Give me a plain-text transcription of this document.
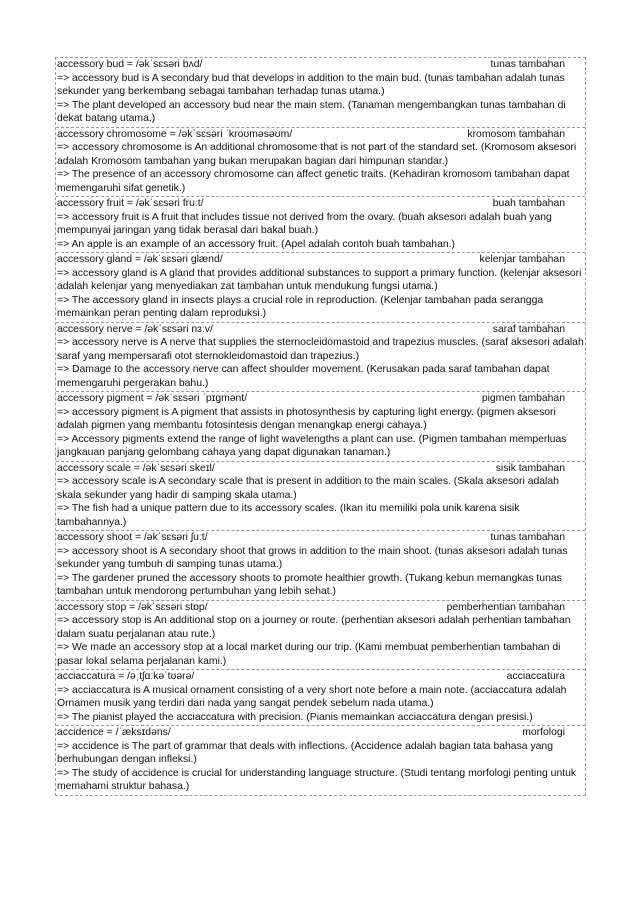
accessory bud = /əkˈsɛsəri bʌd/	tunas tambahan
=> accessory bud is A secondary bud that develops in addition to the main bud. (tunas tambahan adalah tunas sekunder yang berkembang sebagai tambahan terhadap tunas utama.)
=> The plant developed an accessory bud near the main stem. (Tanaman mengembangkan tunas tambahan di dekat batang utama.)
accessory chromosome = /əkˈsɛsəri ˈkroʊməsəʊm/	kromosom tambahan
=> accessory chromosome is An additional chromosome that is not part of the standard set. (Kromosom aksesori adalah Kromosom tambahan yang bukan merupakan bagian dari himpunan standar.)
=> The presence of an accessory chromosome can affect genetic traits. (Kehadiran kromosom tambahan dapat memengaruhi sifat genetik.)
accessory fruit = /əkˈsɛsəri fruːt/	buah tambahan
=> accessory fruit is A fruit that includes tissue not derived from the ovary. (buah aksesori adalah buah yang mempunyai jaringan yang tidak berasal dari bakal buah.)
=> An apple is an example of an accessory fruit. (Apel adalah contoh buah tambahan.)
accessory gland = /əkˈsɛsəri glænd/	kelenjar tambahan
=> accessory gland is A gland that provides additional substances to support a primary function. (kelenjar aksesori adalah kelenjar yang menyediakan zat tambahan untuk mendukung fungsi utama.)
=> The accessory gland in insects plays a crucial role in reproduction. (Kelenjar tambahan pada serangga memainkan peran penting dalam reproduksi.)
accessory nerve = /əkˈsɛsəri nɜːv/	saraf tambahan
=> accessory nerve is A nerve that supplies the sternocleidomastoid and trapezius muscles. (saraf aksesori adalah saraf yang mempersarafi otot sternokleidomastoid dan trapezius.)
=> Damage to the accessory nerve can affect shoulder movement. (Kerusakan pada saraf tambahan dapat memengaruhi pergerakan bahu.)
accessory pigment = /əkˈsɛsəri ˈpɪgmənt/	pigmen tambahan
=> accessory pigment is A pigment that assists in photosynthesis by capturing light energy. (pigmen aksesori adalah pigmen yang membantu fotosintesis dengan menangkap energi cahaya.)
=> Accessory pigments extend the range of light wavelengths a plant can use. (Pigmen tambahan memperluas jangkauan panjang gelombang cahaya yang dapat digunakan tanaman.)
accessory scale = /əkˈsɛsəri skeɪl/	sisik tambahan
=> accessory scale is A secondary scale that is present in addition to the main scales. (Skala aksesori adalah skala sekunder yang hadir di samping skala utama.)
=> The fish had a unique pattern due to its accessory scales. (Ikan itu memiliki pola unik karena sisik tambahannya.)
accessory shoot = /əkˈsɛsəri ʃuːt/	tunas tambahan
=> accessory shoot is A secondary shoot that grows in addition to the main shoot. (tunas aksesori adalah tunas sekunder yang tumbuh di samping tunas utama.)
=> The gardener pruned the accessory shoots to promote healthier growth. (Tukang kebun memangkas tunas tambahan untuk mendorong pertumbuhan yang lebih sehat.)
accessory stop = /əkˈsɛsəri stɒp/	pemberhentian tambahan
=> accessory stop is An additional stop on a journey or route. (perhentian aksesori adalah perhentian tambahan dalam suatu perjalanan atau rute.)
=> We made an accessory stop at a local market during our trip. (Kami membuat pemberhentian tambahan di pasar lokal selama perjalanan kami.)
acciaccatura = /əˌtʃɑːkəˈtʊərə/	acciaccatura
=> acciaccatura is A musical ornament consisting of a very short note before a main note. (acciaccatura adalah Ornamen musik yang terdiri dari nada yang sangat pendek sebelum nada utama.)
=> The pianist played the acciaccatura with precision. (Pianis memainkan acciaccatura dengan presisi.)
accidence = /ˈæksɪdəns/	morfologi
=> accidence is The part of grammar that deals with inflections. (Accidence adalah bagian tata bahasa yang berhubungan dengan infleksi.)
=> The study of accidence is crucial for understanding language structure. (Studi tentang morfologi penting untuk memahami struktur bahasa.)
